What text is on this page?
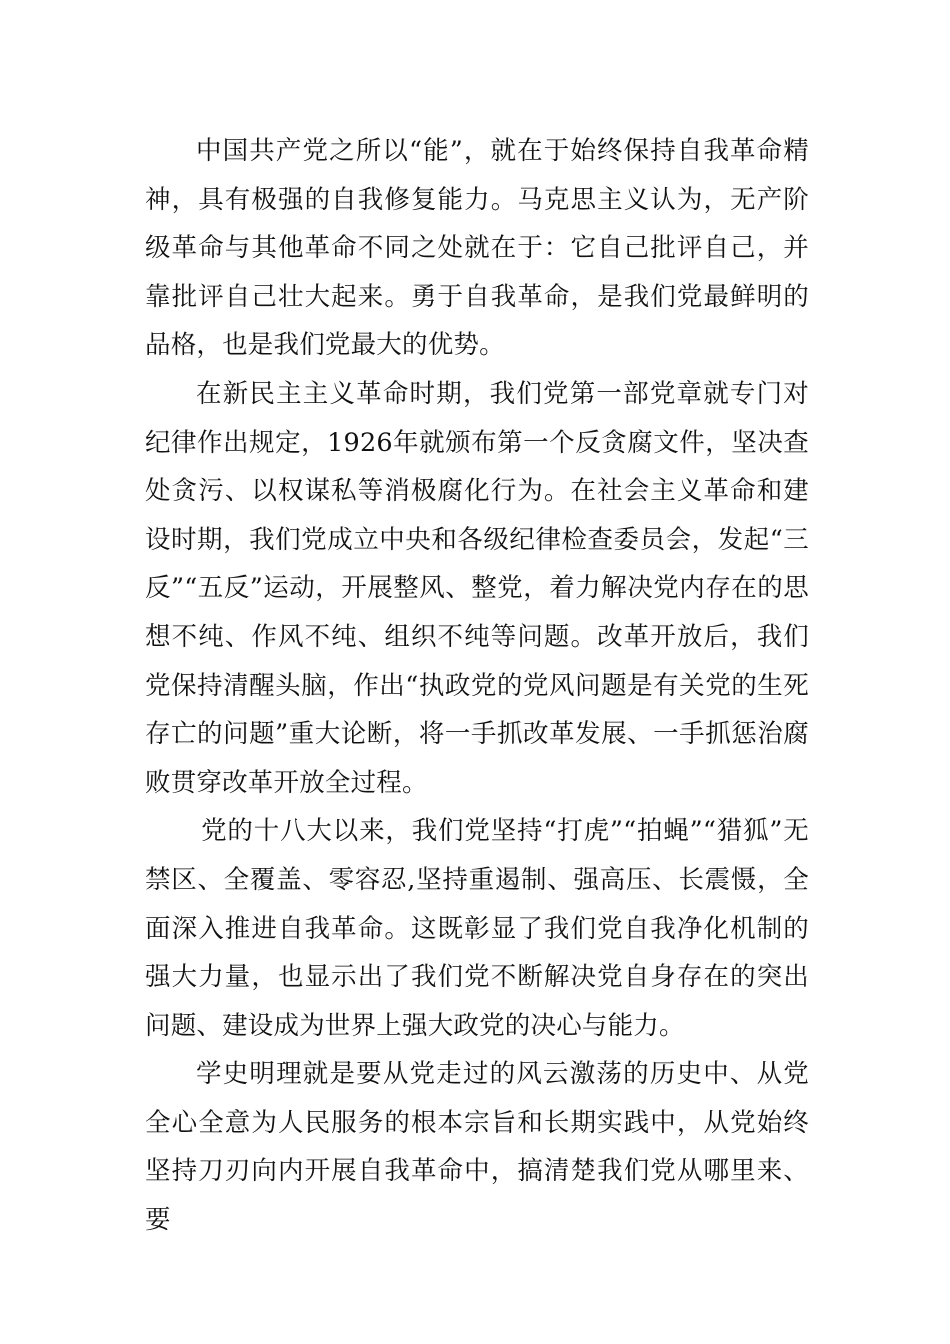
中国共产党之所以“能”，就在于始终保持自我革命精神，具有极强的自我修复能力。马克思主义认为，无产阶级革命与其他革命不同之处就在于：它自己批评自己，并靠批评自己壮大起来。勇于自我革命，是我们党最鲜明的品格，也是我们党最大的优势。

在新民主主义革命时期，我们党第一部党章就专门对纪律作出规定，1926年就颁布第一个反贪腐文件，坚决查处贪污、以权谋私等消极腐化行为。在社会主义革命和建设时期，我们党成立中央和各级纪律检查委员会，发起“三反”“五反”运动，开展整风、整党，着力解决党内存在的思想不纯、作风不纯、组织不纯等问题。改革开放后，我们党保持清醒头脑，作出“执政党的党风问题是有关党的生死存亡的问题”重大论断，将一手抓改革发展、一手抓惩治腐败贯穿改革开放全过程。

党的十八大以来，我们党坚持“打虎”“拍蝇”“猎狐”无禁区、全覆盖、零容忍,坚持重遏制、强高压、长震慑，全面深入推进自我革命。这既彰显了我们党自我净化机制的强大力量，也显示出了我们党不断解决党自身存在的突出问题、建设成为世界上强大政党的决心与能力。

学史明理就是要从党走过的风云激荡的历史中、从党全心全意为人民服务的根本宗旨和长期实践中，从党始终坚持刀刃向内开展自我革命中，搞清楚我们党从哪里来、要
